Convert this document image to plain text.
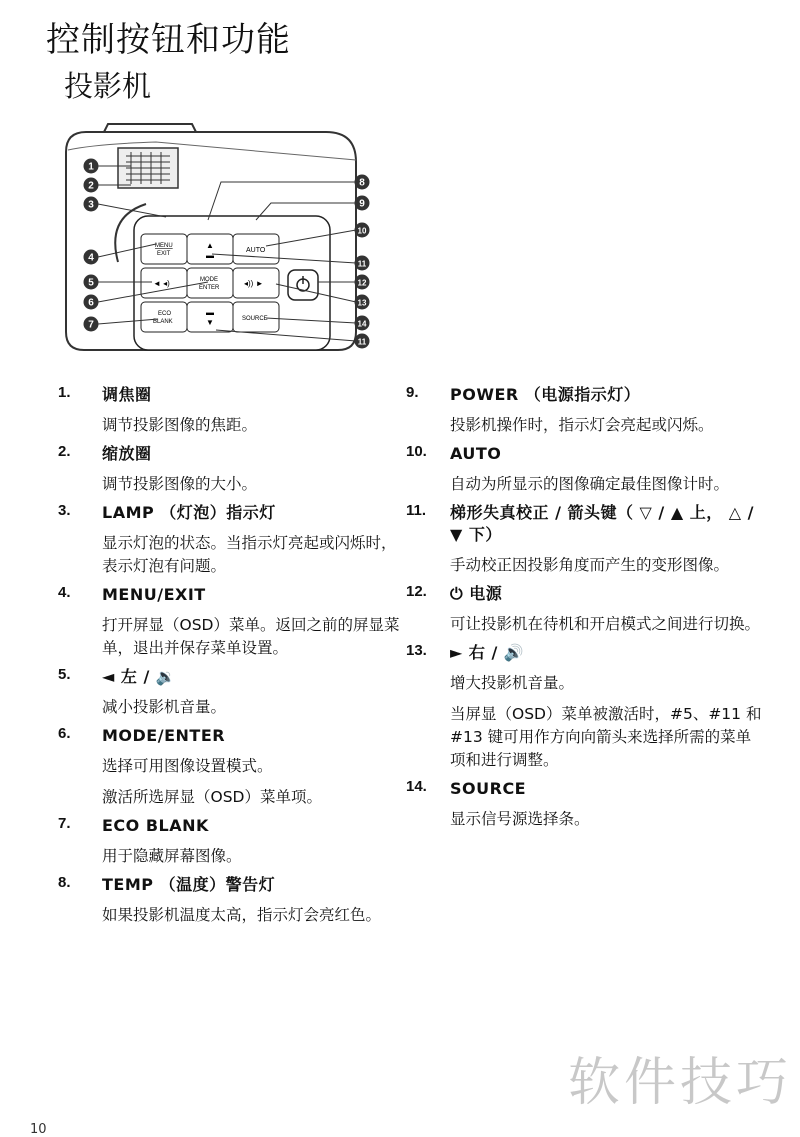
控制按钮和功能
投影机
MENU
EXIT
▲
▬
AUTO
◄ ◂)	MODE
ENTER	◂)) ►
ECO
BLANK
▬
▼	SOURCE
1
2
3
4
5
6
7
8
9
10
11
12
13
14
11
1. 调焦圈
调节投影图像的焦距。
2. 缩放圈
调节投影图像的大小。
3. LAMP （灯泡）指示灯
显示灯泡的状态。当指示灯亮起或闪烁时，表示灯泡有问题。
4. MENU/EXIT
打开屏显（OSD）菜单。返回之前的屏显菜单，退出并保存菜单设置。
5. ◄ 左 / 🔉
减小投影机音量。
6. MODE/ENTER
选择可用图像设置模式。
激活所选屏显（OSD）菜单项。
7. ECO BLANK
用于隐藏屏幕图像。
8. TEMP （温度）警告灯
如果投影机温度太高，指示灯会亮红色。
9. POWER （电源指示灯）
投影机操作时，指示灯会亮起或闪烁。
10. AUTO
自动为所显示的图像确定最佳图像计时。
11. 梯形失真校正 / 箭头键（ ▽ / ▲ 上， △ / ▼ 下）
手动校正因投影角度而产生的变形图像。
12. ⏻ 电源
可让投影机在待机和开启模式之间进行切换。
13. ► 右 / 🔊
增大投影机音量。
当屏显（OSD）菜单被激活时，#5、#11 和 #13 键可用作方向向箭头来选择所需的菜单项和进行调整。
14. SOURCE
显示信号源选择条。
软件技巧
10
